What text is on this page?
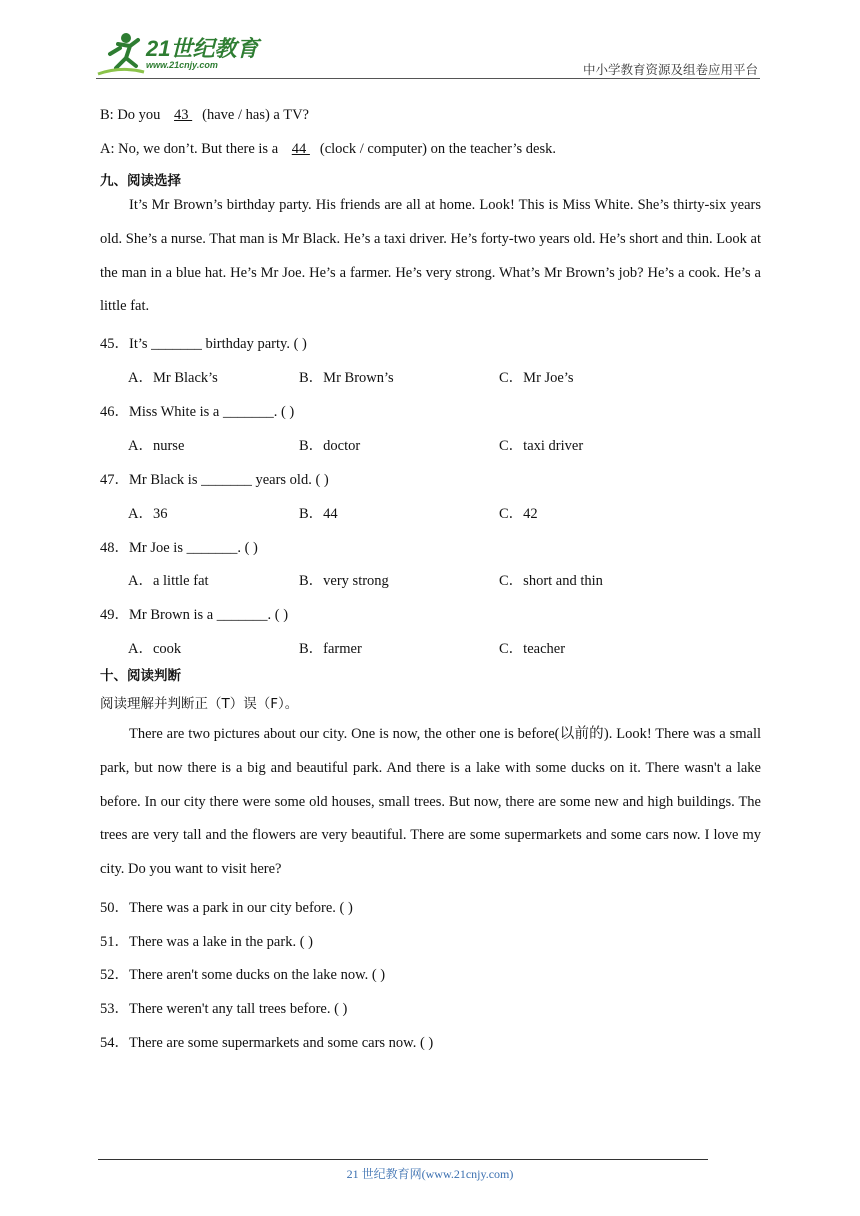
21世纪教育
www.21cnjy.com	中小学教育资源及组卷应用平台
B: Do you 43 (have / has) a TV?
A: No, we don’t. But there is a 44 (clock / computer) on the teacher’s desk.
九、阅读选择
It’s Mr Brown’s birthday party. His friends are all at home. Look! This is Miss White. She’s thirty-six years old. She’s a nurse. That man is Mr Black. He’s a taxi driver. He’s forty-two years old. He’s short and thin. Look at the man in a blue hat. He’s Mr Joe. He’s a farmer. He’s very strong. What’s Mr Brown’s job? He’s a cook. He’s a little fat.
45．It’s _______ birthday party. ( )
A．Mr Black’s	B．Mr Brown’s	C．Mr Joe’s
46．Miss White is a _______. ( )
A．nurse	B．doctor	C．taxi driver
47．Mr Black is _______ years old. ( )
A．36	B．44	C．42
48．Mr Joe is _______. ( )
A．a little fat	B．very strong	C．short and thin
49．Mr Brown is a _______. ( )
A．cook	B．farmer	C．teacher
十、阅读判断
阅读理解并判断正（T）误（F）。
There are two pictures about our city. One is now, the other one is before(以前的). Look! There was a small park, but now there is a big and beautiful park. And there is a lake with some ducks on it. There wasn't a lake before. In our city there were some old houses, small trees. But now, there are some new and high buildings. The trees are very tall and the flowers are very beautiful. There are some supermarkets and some cars now. I love my city. Do you want to visit here?
50．There was a park in our city before. ( )
51．There was a lake in the park. ( )
52．There aren't some ducks on the lake now. ( )
53．There weren't any tall trees before. ( )
54．There are some supermarkets and some cars now. ( )
21 世纪教育网(www.21cnjy.com)
